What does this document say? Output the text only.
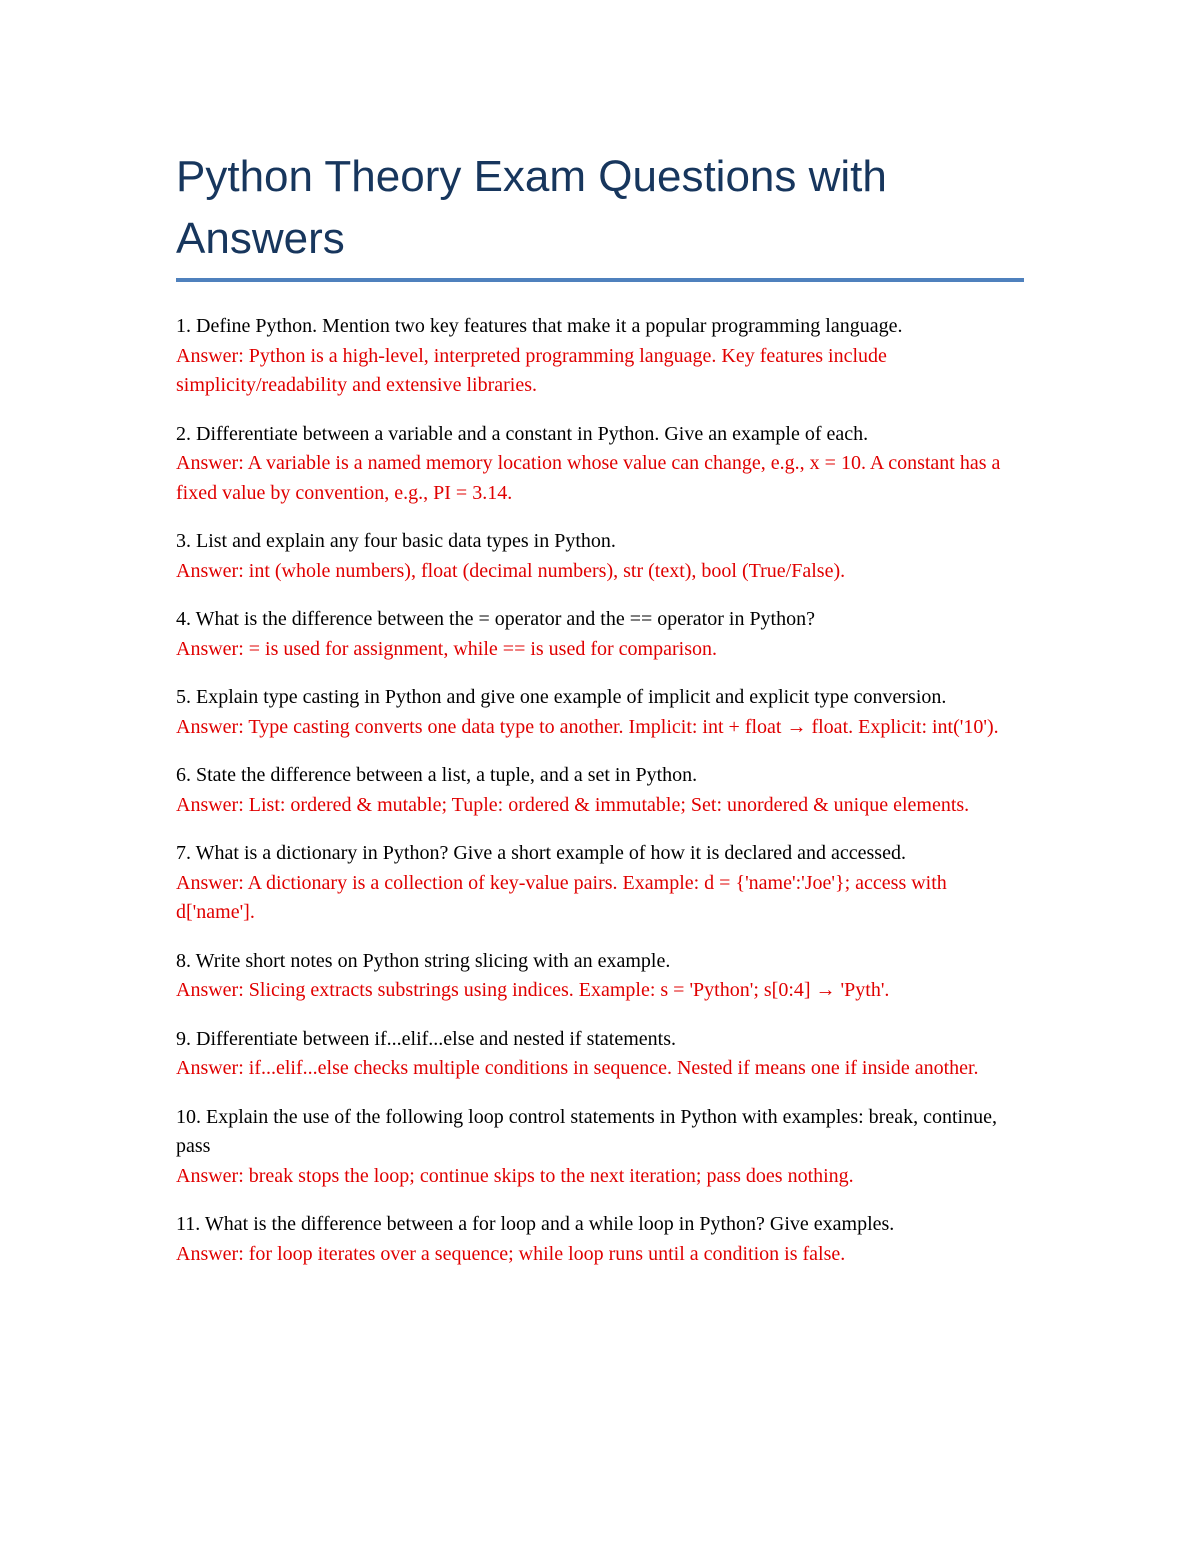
Python Theory Exam Questions with Answers
1. Define Python. Mention two key features that make it a popular programming language.
Answer: Python is a high-level, interpreted programming language. Key features include simplicity/readability and extensive libraries.
2. Differentiate between a variable and a constant in Python. Give an example of each.
Answer: A variable is a named memory location whose value can change, e.g., x = 10. A constant has a fixed value by convention, e.g., PI = 3.14.
3. List and explain any four basic data types in Python.
Answer: int (whole numbers), float (decimal numbers), str (text), bool (True/False).
4. What is the difference between the = operator and the == operator in Python?
Answer: = is used for assignment, while == is used for comparison.
5. Explain type casting in Python and give one example of implicit and explicit type conversion.
Answer: Type casting converts one data type to another. Implicit: int + float → float. Explicit: int('10').
6. State the difference between a list, a tuple, and a set in Python.
Answer: List: ordered & mutable; Tuple: ordered & immutable; Set: unordered & unique elements.
7. What is a dictionary in Python? Give a short example of how it is declared and accessed.
Answer: A dictionary is a collection of key-value pairs. Example: d = {'name':'Joe'}; access with d['name'].
8. Write short notes on Python string slicing with an example.
Answer: Slicing extracts substrings using indices. Example: s = 'Python'; s[0:4] → 'Pyth'.
9. Differentiate between if...elif...else and nested if statements.
Answer: if...elif...else checks multiple conditions in sequence. Nested if means one if inside another.
10. Explain the use of the following loop control statements in Python with examples: break, continue, pass
Answer: break stops the loop; continue skips to the next iteration; pass does nothing.
11. What is the difference between a for loop and a while loop in Python? Give examples.
Answer: for loop iterates over a sequence; while loop runs until a condition is false.
